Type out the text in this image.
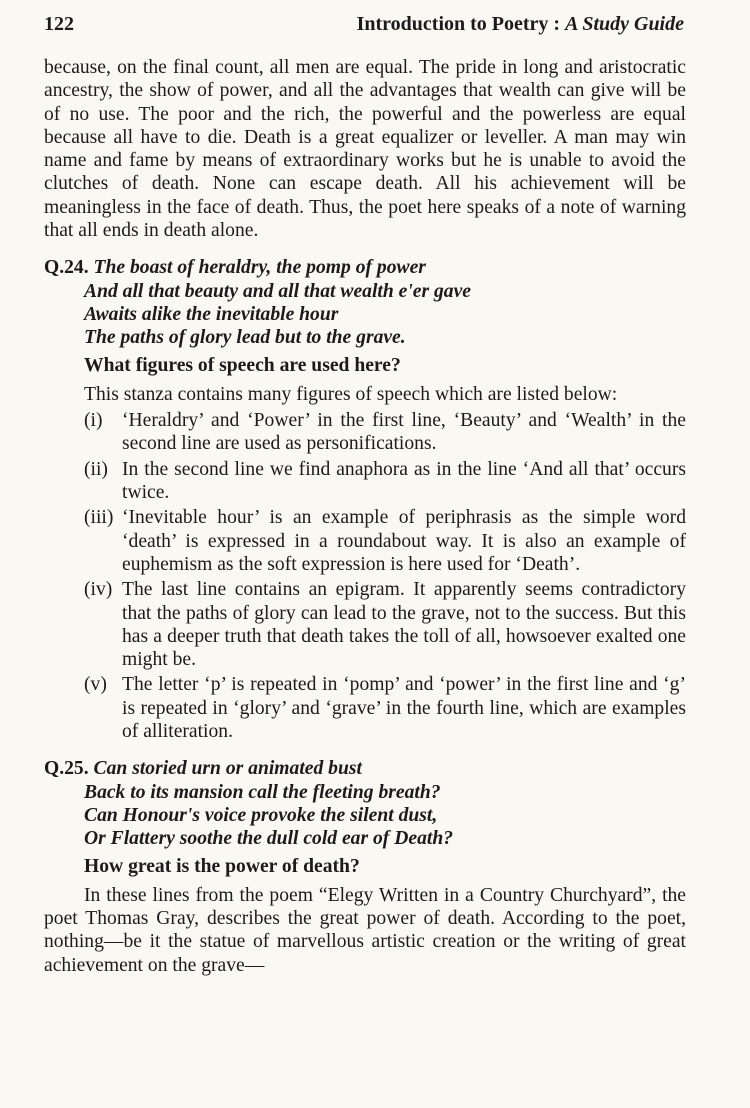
122	Introduction to Poetry : A Study Guide

because, on the final count, all men are equal. The pride in long and aristocratic ancestry, the show of power, and all the advantages that wealth can give will be of no use. The poor and the rich, the powerful and the powerless are equal because all have to die. Death is a great equalizer or leveller. A man may win name and fame by means of extraordinary works but he is unable to avoid the clutches of death. None can escape death. All his achievement will be meaningless in the face of death. Thus, the poet here speaks of a note of warning that all ends in death alone.

Q.24. The boast of heraldry, the pomp of power
And all that beauty and all that wealth e'er gave
Awaits alike the inevitable hour
The paths of glory lead but to the grave.
What figures of speech are used here?

This stanza contains many figures of speech which are listed below:

(i) ‘Heraldry’ and ‘Power’ in the first line, ‘Beauty’ and ‘Wealth’ in the second line are used as personifications.
(ii) In the second line we find anaphora as in the line ‘And all that’ occurs twice.
(iii) ‘Inevitable hour’ is an example of periphrasis as the simple word ‘death’ is expressed in a roundabout way. It is also an example of euphemism as the soft expression is here used for ‘Death’.
(iv) The last line contains an epigram. It apparently seems contradictory that the paths of glory can lead to the grave, not to the success. But this has a deeper truth that death takes the toll of all, howsoever exalted one might be.
(v) The letter ‘p’ is repeated in ‘pomp’ and ‘power’ in the first line and ‘g’ is repeated in ‘glory’ and ‘grave’ in the fourth line, which are examples of alliteration.
Q.25. Can storied urn or animated bust
Back to its mansion call the fleeting breath?
Can Honour's voice provoke the silent dust,
Or Flattery soothe the dull cold ear of Death?
How great is the power of death?

In these lines from the poem “Elegy Written in a Country Churchyard”, the poet Thomas Gray, describes the great power of death. According to the poet, nothing—be it the statue of marvellous artistic creation or the writing of great achievement on the grave—
